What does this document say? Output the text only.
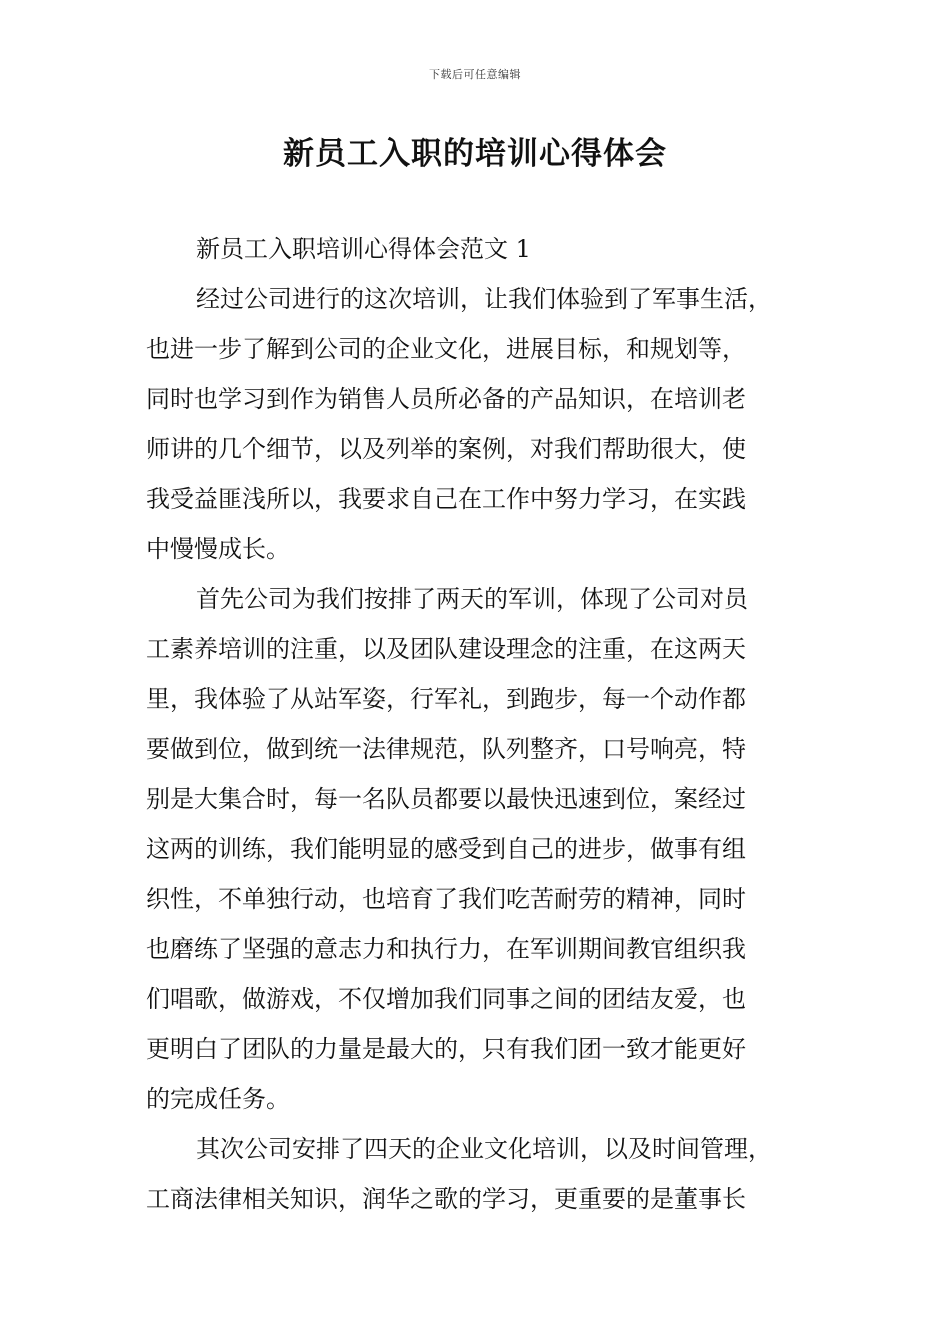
下载后可任意编辑
新员工入职的培训心得体会
新员工入职培训心得体会范文 1
经过公司进行的这次培训，让我们体验到了军事生活，
也进一步了解到公司的企业文化，进展目标，和规划等，
同时也学习到作为销售人员所必备的产品知识，在培训老
师讲的几个细节，以及列举的案例，对我们帮助很大，使
我受益匪浅所以，我要求自己在工作中努力学习，在实践
中慢慢成长。
首先公司为我们按排了两天的军训，体现了公司对员
工素养培训的注重，以及团队建设理念的注重，在这两天
里，我体验了从站军姿，行军礼，到跑步，每一个动作都
要做到位，做到统一法律规范，队列整齐，口号响亮，特
别是大集合时，每一名队员都要以最快迅速到位，案经过
这两的训练，我们能明显的感受到自己的进步，做事有组
织性，不单独行动，也培育了我们吃苦耐劳的精神，同时
也磨练了坚强的意志力和执行力，在军训期间教官组织我
们唱歌，做游戏，不仅增加我们同事之间的团结友爱，也
更明白了团队的力量是最大的，只有我们团一致才能更好
的完成任务。
其次公司安排了四天的企业文化培训，以及时间管理，
工商法律相关知识，润华之歌的学习，更重要的是董事长
